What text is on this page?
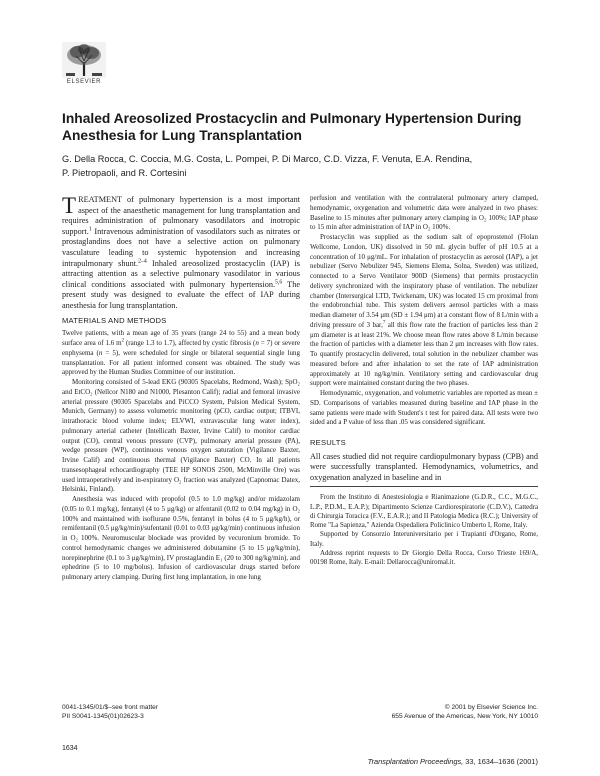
ELSEVIER
Inhaled Areosolized Prostacyclin and Pulmonary Hypertension During Anesthesia for Lung Transplantation
G. Della Rocca, C. Coccia, M.G. Costa, L. Pompei, P. Di Marco, C.D. Vizza, F. Venuta, E.A. Rendina,
P. Pietropaoli, and R. Cortesini

TREATMENT of pulmonary hypertension is a most important aspect of the anaesthetic management for lung transplantation and requires administration of pulmonary vasodilators and inotropic support.$^1$ Intravenous administration of vasodilators such as nitrates or prostaglandins does not have a selective action on pulmonary vasculature leading to systemic hypotension and increasing intrapulmonary shunt.$^{2-4}$ Inhaled areosolized prostacyclin (IAP) is attracting attention as a selective pulmonary vasodilator in various clinical conditions associated with pulmonary hypertension.$^{5,6}$ The present study was designed to evaluate the effect of IAP during anesthesia for lung transplantation.

MATERIALS AND METHODS

Twelve patients, with a mean age of 35 years (range 24 to 55) and a mean body surface area of 1.6 $m^2$ (range 1.3 to 1.7), affected by cystic fibrosis (n = 7) or severe enphysema (n = 5), were scheduled for single or bilateral sequential single lung transplantation. For all patient informed consent was obtained. The study was approved by the Human Studies Committee of our institution.

Monitoring consisted of 5-lead EKG (90305 Spacelabs, Redmond, Wash); SpO₂ and EtCO₂ (Nellcor N180 and N1000, Plesanton Calif); radial and femoral invasive arterial pressure (90305 Spacelabs and PiCCO System, Pulsion Medical System, Munich, Germany) to assess volumetric monitoring (pCO, cardiac output; ITBVI, intrathoracic blood volume index; ELVWI, extravascular lung water index), pulmonary arterial catheter (Intellicath Baxter, Irvine Calif) to monitor cardiac output (CO), central venous pressure (CVP), pulmonary arterial pressure (PA), wedge pressure (WP), continuous venous oxygen saturation (Vigilance Baxter, Irvine Calif) and continuous thermal (Vigilance Baxter) CO. In all patients transesophageal echocardiography (TEE HP SONOS 2500, McMinville Ore) was used intraoperatively and in-expiratory O₂ fraction was analyzed (Capnomac Datex, Helsinki, Finland).

Anesthesia was induced with propofol (0.5 to 1.0 mg/kg) and/or midazolam (0.05 to 0.1 mg/kg), fentanyl (4 to 5 μg/kg) or alfentanil (0.02 to 0.04 mg/kg) in O₂ 100% and maintained with isoflurane 0.5%, fentanyl in bolus (4 to 5 μg/kg/h), or remifentanil (0.5 μg/kg/min)/sufentanil (0.01 to 0.03 μg/kg/min) continuous infusion in O₂ 100%. Neuromuscular blockade was provided by vecuronium bromide. To control hemodynamic changes we administered dobutamine (5 to 15 μg/kg/min), norepinephrine (0.1 to 3 μg/kg/min), IV prostaglandin E₁ (20 to 300 ng/kg/min), and ephedrine (5 to 10 mg/bolus). Infusion of cardiovascular drugs started before pulmonary artery clamping. During first lung implantation, in one lung

perfusion and ventilation with the contralateral pulmonary artery clamped, hemodynamic, oxygenation and volumetric data were analyzed in two phases: Baseline to 15 minutes after pulmonary artery clamping in O₂ 100%; IAP phase to 15 min after administration of IAP in O₂ 100%.

Prostacyclin was supplied as the sodium salt of epoprostenol (Flolan Wellcome, London, UK) dissolved in 50 mL glycin buffer of pH 10.5 at a concentration of 10 μg/mL. For inhalation of prostacyclin as aerosol (IAP), a jet nebulizer (Servo Nebulizer 945, Siemens Elema, Solna, Sweden) was utilized, connected to a Servo Ventilator 900D (Siemens) that permits prostacyclin delivery synchronized with the inspiratory phase of ventilation. The nebulizer chamber (Intersurgical LTD, Twickenam, UK) was located 15 cm proximal from the endobronchial tube. This system delivers aerosol particles with a mass median diameter of 3.54 μm (SD ± 1.94 μm) at a constant flow of 8 L/min with a driving pressure of 3 bar,$^7$ all this flow rate the fraction of particles less than 2 μm diameter is at least 21%. We choose mean flow rates above 8 L/min because the fraction of particles with a diameter less than 2 μm increases with flow rates. To quantify prostacyclin delivered, total solution in the nebulizer chamber was measured before and after inhalation to set the rate of IAP administration approximately at 10 ng/kg/min. Ventilatory setting and cardiovascular drug support were maintained constant during the two phases.

Hemodynamic, oxygenation, and volumetric variables are reported as mean ± SD. Comparisons of variables measured during baseline and IAP phase in the same patients were made with Student's t test for paired data. All tests were two sided and a P value of less than .05 was considered significant.

RESULTS

All cases studied did not require cardiopulmonary bypass (CPB) and were successfully transplanted. Hemodynamics, volumetrics, and oxygenation analyzed in baseline and in

From the Instituto di Anestesiologia e Rianimazione (G.D.R., C.C., M.G.C., L.P., P.D.M., E.A.P.); Dipartimento Scienze Cardiorespiratorie (C.D.V.), Cattedra di Chirurgia Toracica (F.V., E.A.R.); and II Patologia Medica (R.C.); University of Rome "La Sapienza," Azienda Ospedaliera Policlinico Umberto I, Rome, Italy.

Supported by Consorzio Interuniversitario per i Trapianti d'Organo, Rome, Italy.

Address reprint requests to Dr Giorgio Della Rocca, Corso Trieste 169/A, 00198 Rome, Italy. E-mail: Dellarocca@uniromal.it.

0041-1345/01/$–see front matter
PII S0041-1345(01)02623-3
© 2001 by Elsevier Science Inc.
655 Avenue of the Americas, New York, NY 10010
1634
Transplantation Proceedings, 33, 1634–1636 (2001)
